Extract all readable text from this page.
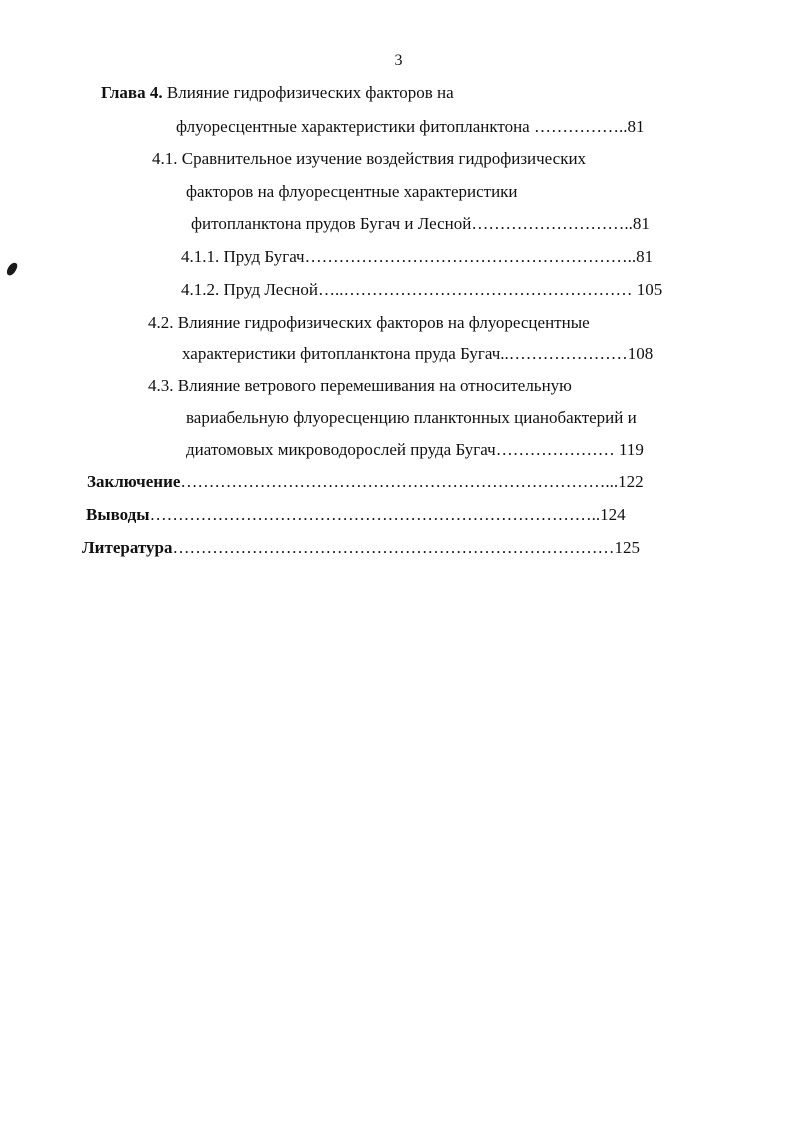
3
Глава 4. Влияние гидрофизических факторов на
флуоресцентные характеристики фитопланктона ……………..81
4.1. Сравнительное изучение воздействия гидрофизических
факторов на флуоресцентные характеристики
фитопланктона прудов Бугач и Лесной………………………..81
4.1.1. Пруд Бугач…………………………………………………..81
4.1.2. Пруд Лесной…..…………………………………………… 105
4.2. Влияние гидрофизических факторов на флуоресцентные
характеристики фитопланктона пруда Бугач..…………………108
4.3. Влияние ветрового перемешивания на относительную
вариабельную флуоресценцию планктонных цианобактерий и
диатомовых микроводорослей пруда Бугач………………… 119
Заключение…………………………………………………………………...122
Выводы……………………………………………………………………..124
Литература……………………………………………………………………125
